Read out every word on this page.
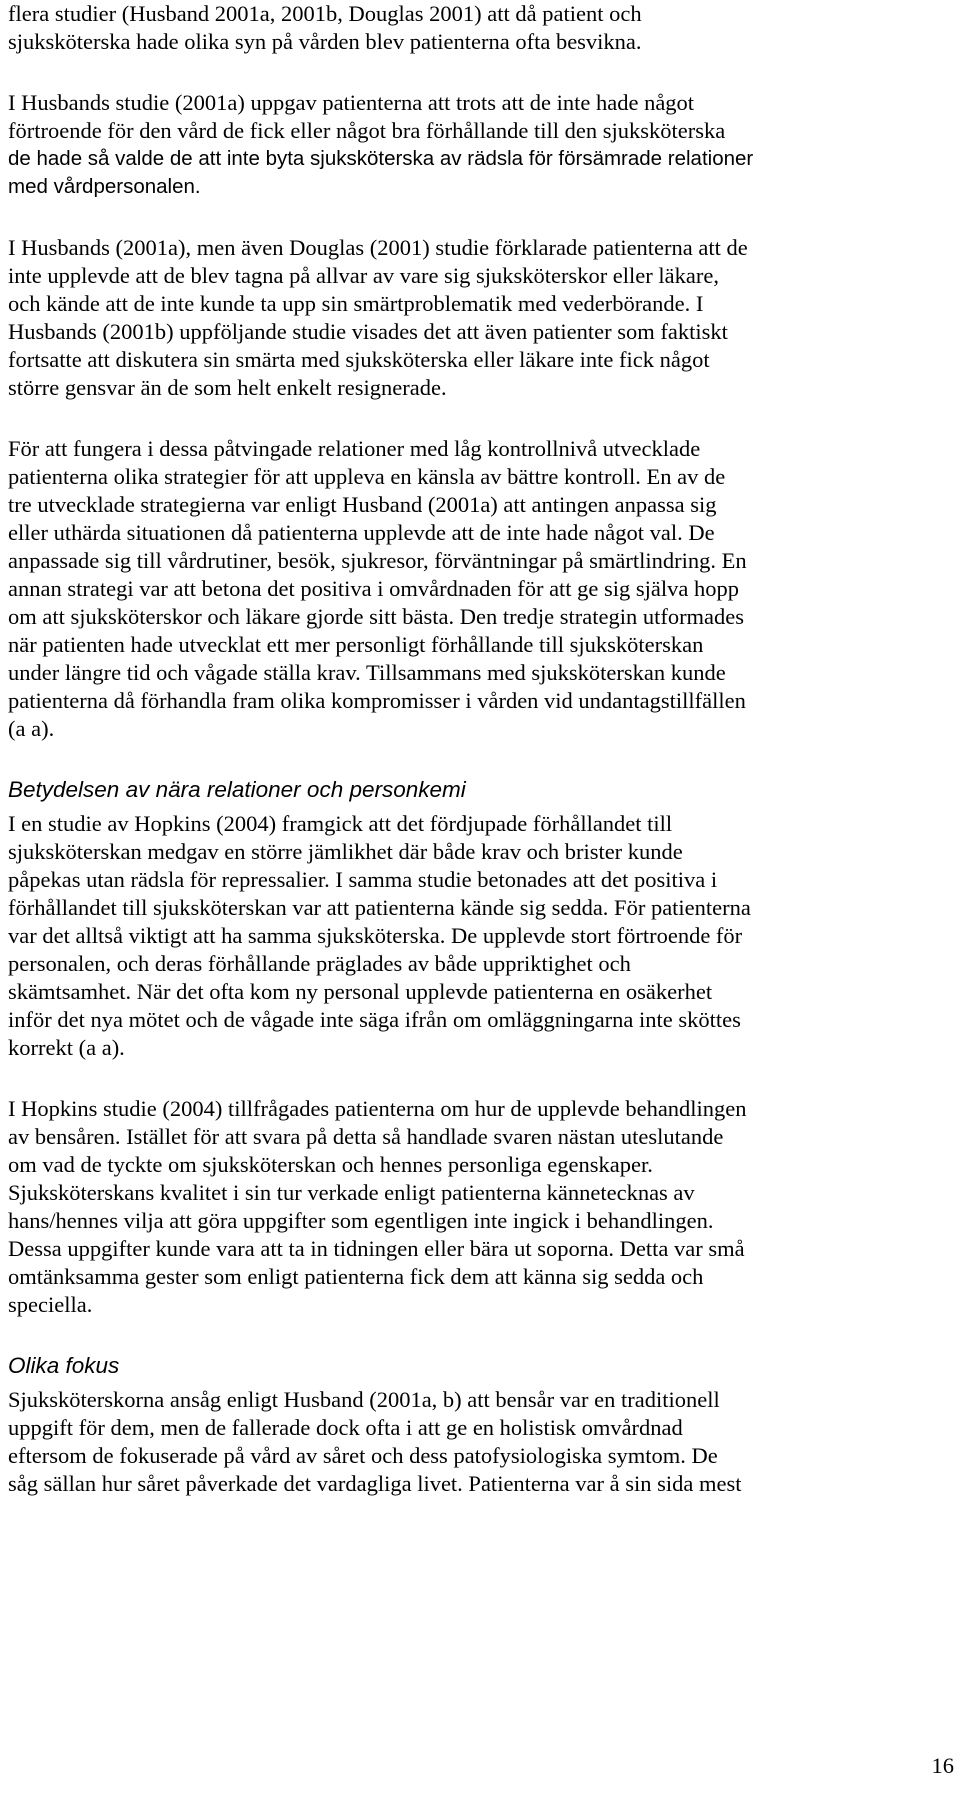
flera studier (Husband 2001a, 2001b, Douglas 2001) att då patient och
sjuksköterska hade olika syn på vården blev patienterna ofta besvikna.
I Husbands studie (2001a) uppgav patienterna att trots att de inte hade något
förtroende för den vård de fick eller något bra förhållande till den sjuksköterska
de hade så valde de att inte byta sjuksköterska av rädsla för försämrade relationer
med vårdpersonalen.
I Husbands (2001a), men även Douglas (2001) studie förklarade patienterna att de
inte upplevde att de blev tagna på allvar av vare sig sjuksköterskor eller läkare,
och kände att de inte kunde ta upp sin smärtproblematik med vederbörande. I
Husbands (2001b) uppföljande studie visades det att även patienter som faktiskt
fortsatte att diskutera sin smärta med sjuksköterska eller läkare inte fick något
större gensvar än de som helt enkelt resignerade.
För att fungera i dessa påtvingade relationer med låg kontrollnivå utvecklade
patienterna olika strategier för att uppleva en känsla av bättre kontroll. En av de
tre utvecklade strategierna var enligt Husband (2001a) att antingen anpassa sig
eller uthärda situationen då patienterna upplevde att de inte hade något val. De
anpassade sig till vårdrutiner, besök, sjukresor, förväntningar på smärtlindring. En
annan strategi var att betona det positiva i omvårdnaden för att ge sig själva hopp
om att sjuksköterskor och läkare gjorde sitt bästa. Den tredje strategin utformades
när patienten hade utvecklat ett mer personligt förhållande till sjuksköterskan
under längre tid och vågade ställa krav. Tillsammans med sjuksköterskan kunde
patienterna då förhandla fram olika kompromisser i vården vid undantagstillfällen
(a a).
Betydelsen av nära relationer och personkemi
I en studie av Hopkins (2004) framgick att det fördjupade förhållandet till
sjuksköterskan medgav en större jämlikhet där både krav och brister kunde
påpekas utan rädsla för repressalier. I samma studie betonades att det positiva i
förhållandet till sjuksköterskan var att patienterna kände sig sedda. För patienterna
var det alltså viktigt att ha samma sjuksköterska. De upplevde stort förtroende för
personalen, och deras förhållande präglades av både uppriktighet och
skämtsamhet. När det ofta kom ny personal upplevde patienterna en osäkerhet
inför det nya mötet och de vågade inte säga ifrån om omläggningarna inte sköttes
korrekt (a a).
I Hopkins studie (2004) tillfrågades patienterna om hur de upplevde behandlingen
av bensåren. Istället för att svara på detta så handlade svaren nästan uteslutande
om vad de tyckte om sjuksköterskan och hennes personliga egenskaper.
Sjuksköterskans kvalitet i sin tur verkade enligt patienterna kännetecknas av
hans/hennes vilja att göra uppgifter som egentligen inte ingick i behandlingen.
Dessa uppgifter kunde vara att ta in tidningen eller bära ut soporna. Detta var små
omtänksamma gester som enligt patienterna fick dem att känna sig sedda och
speciella.
Olika fokus
Sjuksköterskorna ansåg enligt Husband (2001a, b) att bensår var en traditionell
uppgift för dem, men de fallerade dock ofta i att ge en holistisk omvårdnad
eftersom de fokuserade på vård av såret och dess patofysiologiska symtom. De
såg sällan hur såret påverkade det vardagliga livet. Patienterna var å sin sida mest
16
